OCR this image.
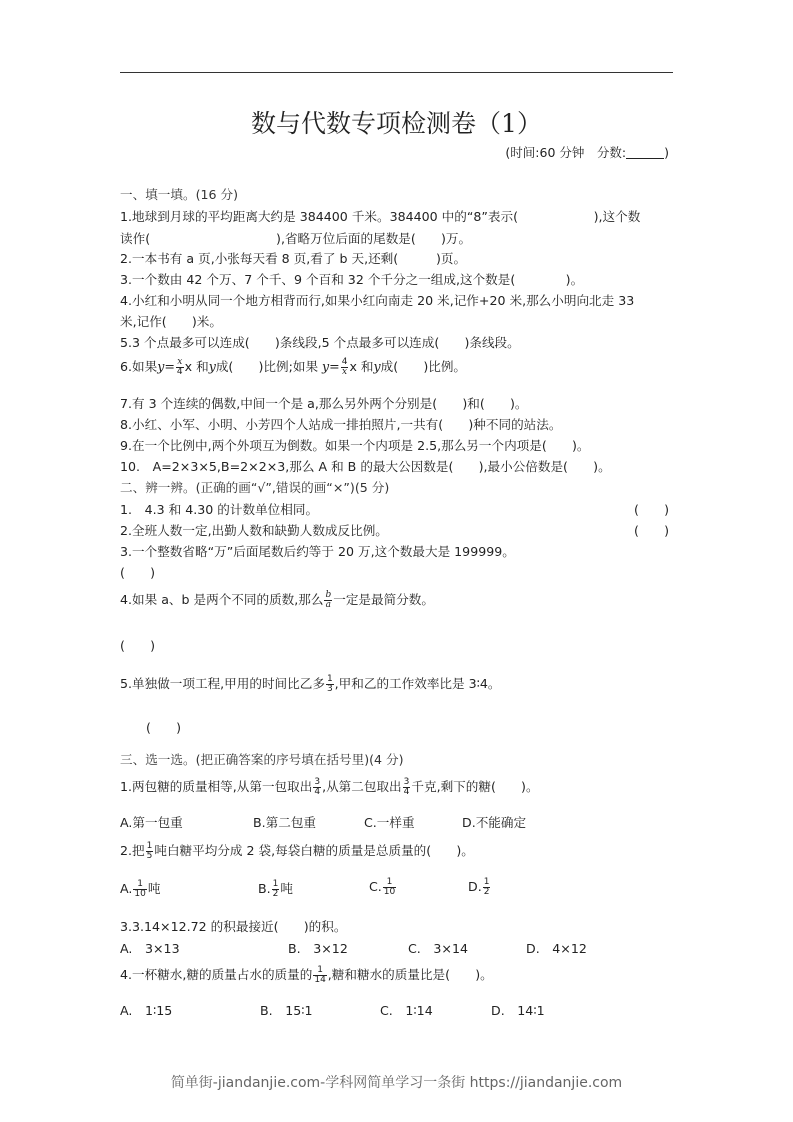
数与代数专项检测卷（1）
(时间:60 分钟　分数:	)
一、填一填。(16 分)
1.地球到月球的平均距离大约是 384400 千米。384400 中的“8”表示(　　　　　　),这个数
读作(　　　　　　　　　　),省略万位后面的尾数是(　　)万。
2.一本书有 a 页,小张每天看 8 页,看了 b 天,还剩(　　　)页。
3.一个数由 42 个万、7 个千、9 个百和 32 个千分之一组成,这个数是(　　　　)。
4.小红和小明从同一个地方相背而行,如果小红向南走 20 米,记作+20 米,那么小明向北走 33
米,记作(　　)米。
5.3 个点最多可以连成(　　)条线段,5 个点最多可以连成(　　)条线段。
6.如果$y= \frac{x}{4}$ x 和y成(　　)比例;如果 $y= \frac{4}{x}$ x 和y成(　　)比例。
7.有 3 个连续的偶数,中间一个是 a,那么另外两个分别是(　　)和(　　)。
8.小红、小军、小明、小芳四个人站成一排拍照片,一共有(　　)种不同的站法。
9.在一个比例中,两个外项互为倒数。如果一个内项是 2.5,那么另一个内项是(　　)。
10.　A=2×3×5,B=2×2×3,那么 A 和 B 的最大公因数是(　　),最小公倍数是(　　)。
二、辨一辨。(正确的画“√”,错误的画“×”)(5 分)
1.　4.3 和 4.30 的计数单位相同。	(　　)
2.全班人数一定,出勤人数和缺勤人数成反比例。	(　　)
3.一个整数省略“万”后面尾数后约等于 20 万,这个数最大是 199999。
(　　)
4.如果 a、b 是两个不同的质数,那么 $\frac{b}{a}$ 一定是最简分数。
(　　)
5.单独做一项工程,甲用的时间比乙多 $\frac{1}{3}$ ,甲和乙的工作效率比是 3∶4。
(　　)
三、选一选。(把正确答案的序号填在括号里)(4 分)
1.两包糖的质量相等,从第一包取出 $\frac{3}{4}$ ,从第二包取出 $\frac{3}{4}$ 千克,剩下的糖(　　)。
A.第一包重	B.第二包重	C.一样重	D.不能确定
2.把 $\frac{1}{5}$ 吨白糖平均分成 2 袋,每袋白糖的质量是总质量的(　　)。
A. $\frac{1}{10}$ 吨	B. $\frac{1}{2}$ 吨	C. $\frac{1}{10}$	D. $\frac{1}{2}$
3.3.14×12.72 的积最接近(　　)的积。
A.　3×13	B.　3×12	C.　3×14	D.　4×12
4.一杯糖水,糖的质量占水的质量的 $\frac{1}{14}$ ,糖和糖水的质量比是(　　)。
A.　1∶15	B.　15∶1	C.　1∶14	D.　14∶1
简单街-jiandanjie.com-学科网简单学习一条街 https://jiandanjie.com
